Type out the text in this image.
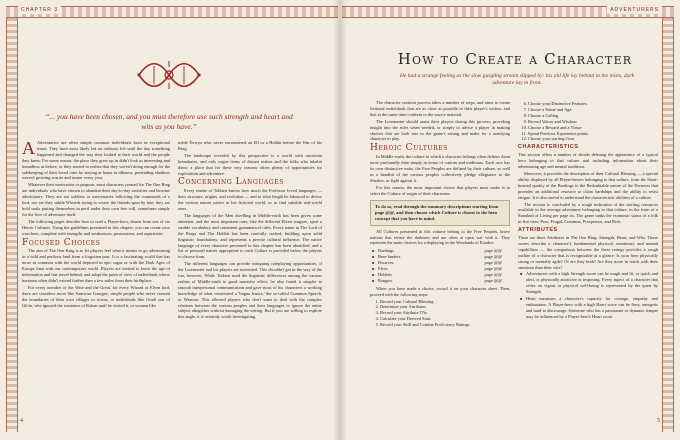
CHAPTER 3
“... you have been chosen, and you must therefore use such strength and heart and wits as you have.”

A Adventurers are often simple common individuals born in exceptional times. They have most likely led an ordinary life until the day something happened and changed the way they looked at their world and the people they knew. For some reason, the place they grew up in didn't look as interesting and boundless as before, or they started to realise that they weren't doing enough for the safekeeping of their loved ones by staying at home in idleness, pretending shadows weren't growing scarier and nearer every year.

Whatever their motivation or purpose, most characters created for The One Ring are individuals who have chosen to abandon their day-to-day activities and become adventurers. They are not soldiers or mercenaries following the commands of a lord, nor are they subtle Wizards trying to weave the threads spun by fate; they are bold souls putting themselves in peril under their own free will, sometimes simply for the love of adventure itself.

The following pages describe how to craft a Player-hero, drawn from one of six Heroic Cultures. Using the guidelines presented in this chapter, you can create your own hero, complete with strengths and weaknesses, possessions, and aspirations.

Focused Choices

The aim of The One Ring is to let players feel what it means to go adventuring in a wild and perilous land from a forgotten past. It is a fascinating world that has more in common with the world depicted in epic sagas or with the Dark Ages of Europe than with our contemporary world. Players are invited to leave the age of information and fast travel behind, and adopt the point of view of individuals whose horizons often didn't extend further than a few miles from their birthplace.

For every member of the Wise and the Great, for every Wizard or Elven lord, there are countless more like Samwise Gamgee, simple people who never crossed the boundaries of their own villages or towns, or individuals like Gimli son of Glóin, who ignored the existence of Rohan until he visited it, or women like

noble Éowyn who, never encountered an Elf or a Hobbit before the War of the Ring.

The landscape revealed by this perspective is a world with uncertain boundaries, and only vague items of distant realms and the folks who inhabit them: a place that for these very reasons offers plenty of opportunities for exploration and adventure.

Concerning Languages

Every reader of Tolkien knows how much the Professor loved languages — their structure, origins, and evolution — and to what length he laboured to devise the various names native to his fictional world, or to find suitable real-world ones.

The languages of the Men dwelling in Middle-earth has been given some attention, and the most important ones, like the different Elven tongues, sport a sizable vocabulary and consistent grammatical rules. Every name in The Lord of the Rings and The Hobbit has been carefully crafted, building upon solid linguistic foundations, and represents a precise cultural influence. The native language of every character presented in this chapter has been identified, and a list of personal names appropriate to each Culture is provided below the players to choose from.

The different languages can provide intriguing roleplaying opportunities, if the Loremaster and his players are interested. This shouldn't get in the way of the fun, however. While Tolkien used the linguistic differences among the various realms of Middle-earth to good narrative effect, he also found it simpler to smooth interpersonal communication and gave most of his characters a working knowledge of what constituted a 'lingua franca,' the so-called Common Speech, or Westron. This allowed players who don't want to deal with the complex relations between the various peoples and their languages to ignore the entire subject altogether without damaging the setting. But if you are willing to explore this angle, it is certainly worth investigating.

4
ADVENTURERS
How to Create a Character
He had a strange feeling as the slow gurgling stream slipped by: his old life lay behind in the mists, dark adventure lay in front.

The character creation process takes a number of steps, and aims to create fictional individuals that are as close as possible to their player's wishes, and that at the same time conform to the source material.

The Loremaster should assist their players during this process; providing insight into the rules when needed, or simply to advise a player in making choices that are both true to the game's setting and make for a satisfying character to play.

Heroic Cultures

In Middle-earth, the culture to which a character belongs often defines them more profoundly than simply in terms of custom and traditions. Each race has its own distinctive traits, the Free Peoples are defined by their culture, as well as a handful of the various peoples collectively pledge allegiance to the Shadow, or fight against it.

For this reason, the most important choice that players must make is to select the Culture of origin of their characters.

To do so, read through the summary descriptions starting from page @@, and then choose which Culture is closest to the hero concept that you have in mind.

All Cultures presented in this volume belong to the Free Peoples, brave nations that refuse the darkness and are often at open war with it. They represent the main choices for roleplaying in the Westlands of Eriador:

■ Bardings	page @@
■ Bree-landers	page @@
■ Dwarves	page @@
■ Elves	page @@
■ Hobbits	page @@
■ Rangers	page @@

When you have made a choice, record it on your character sheet. Then, proceed with the following steps:

1. Record your Cultural Blessing
2. Determine your Attributes
3. Record your Attribute TNs
4. Calculate your Derived Stats
5. Record your Skill and Combat Proficiency Ratings
6. Choose your Distinctive Features
7. Choose a Name and Age
8. Choose a Calling
9. Record Valour and Wisdom
10. Choose a Reward and a Virtue
11. Spend Previous Experience points
12. Choose your starting Gear
CHARACTERISTICS

This section offers a number of details defining the appearance of a typical hero belonging to that culture and including information about their adventuring age and mental traditions.

Moreover, it provides the description of their Cultural Blessing — a special ability displayed by all Player-heroes belonging to that culture, from the Stout-hearted quality of the Bardings to the Redoubtable nature of the Dwarves that provides an additional resource to claim hardships and the ability to resist fatigue. It is also useful to understand the characteristic abilities of a culture.

The section is concluded by a rough indication of the starting resources available to the average adventurer belonging to that culture, in the form of a Standard of Living per page xx. The game ranks the economic status of a folk in five tiers: Poor, Frugal, Common, Prosperous, and Rich.

ATTRIBUTES

There are three Attributes in The One Ring: Strength, Heart, and Wits. These scores describe a character's fundamental physical, emotional, and mental capabilities — the comparison between the three ratings provides a rough outline of a character that is recognisable at a glance: Is your hero physically strong or mentally agile? Or are they both? Are they more in touch with their emotions than their wits?

■ Adventurers with a high Strength score can be tough and fit, or quick and alert, or physically attractive or imposing. Every aspect of a character that relies on vigour or physical well-being is represented by the quest by Strength.
■ Heart measures a character's capacity for courage, empathy and enthusiasm. A Player-hero with a high Heart score can be fiery, energetic and hard to discourage. Someone who has a passionate or dynamic temper may be influenced by a Player-hero's Heart score.
5
